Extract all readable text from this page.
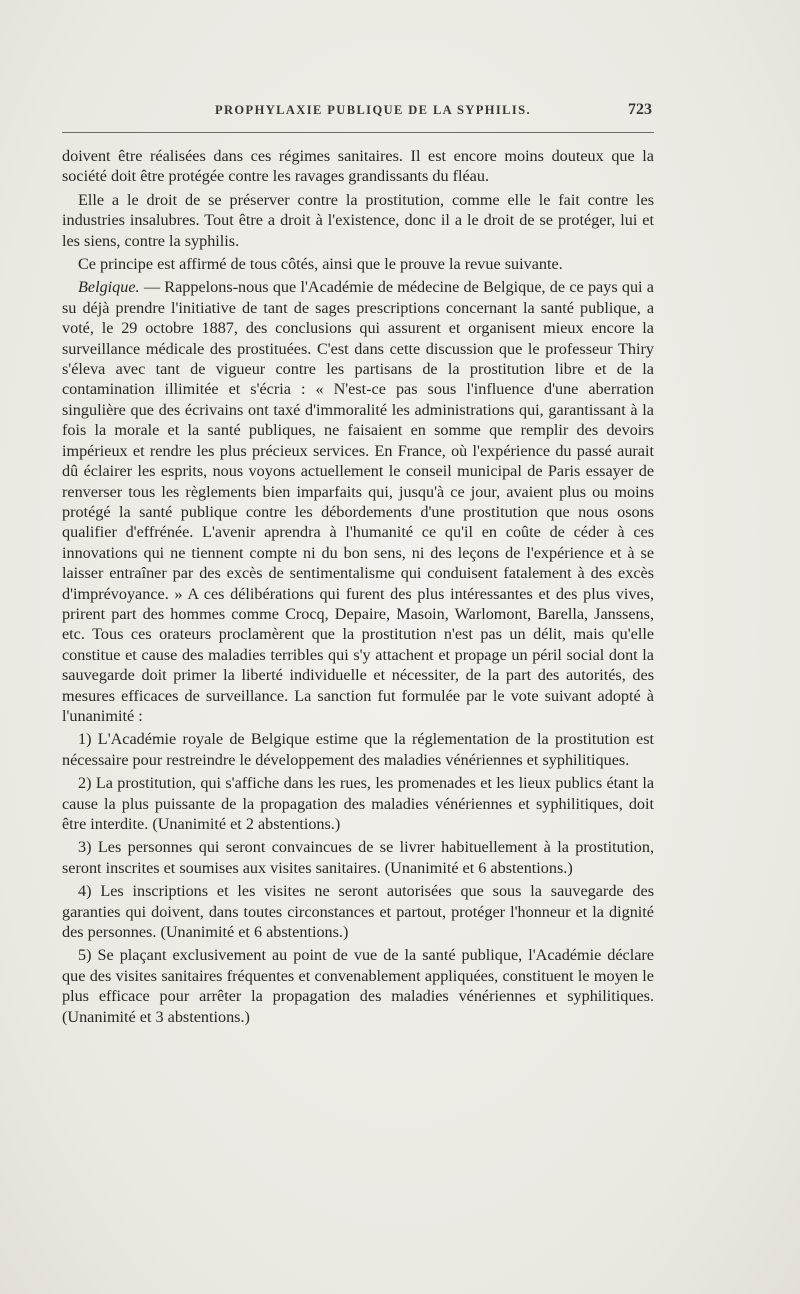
PROPHYLAXIE PUBLIQUE DE LA SYPHILIS.	723

doivent être réalisées dans ces régimes sanitaires. Il est encore moins douteux que la société doit être protégée contre les ravages grandissants du fléau.

Elle a le droit de se préserver contre la prostitution, comme elle le fait contre les industries insalubres. Tout être a droit à l'existence, donc il a le droit de se protéger, lui et les siens, contre la syphilis.

Ce principe est affirmé de tous côtés, ainsi que le prouve la revue suivante.

Belgique. — Rappelons-nous que l'Académie de médecine de Belgique, de ce pays qui a su déjà prendre l'initiative de tant de sages prescriptions concernant la santé publique, a voté, le 29 octobre 1887, des conclusions qui assurent et organisent mieux encore la surveillance médicale des prostituées. C'est dans cette discussion que le professeur Thiry s'éleva avec tant de vigueur contre les partisans de la prostitution libre et de la contamination illimitée et s'écria : « N'est-ce pas sous l'influence d'une aberration singulière que des écrivains ont taxé d'immoralité les administrations qui, garantissant à la fois la morale et la santé publiques, ne faisaient en somme que remplir des devoirs impérieux et rendre les plus précieux services. En France, où l'expérience du passé aurait dû éclairer les esprits, nous voyons actuellement le conseil municipal de Paris essayer de renverser tous les règlements bien imparfaits qui, jusqu'à ce jour, avaient plus ou moins protégé la santé publique contre les débordements d'une prostitution que nous osons qualifier d'effrénée. L'avenir aprendra à l'humanité ce qu'il en coûte de céder à ces innovations qui ne tiennent compte ni du bon sens, ni des leçons de l'expérience et à se laisser entraîner par des excès de sentimentalisme qui conduisent fatalement à des excès d'imprévoyance. » A ces délibérations qui furent des plus intéressantes et des plus vives, prirent part des hommes comme Crocq, Depaire, Masoin, Warlomont, Barella, Janssens, etc. Tous ces orateurs proclamèrent que la prostitution n'est pas un délit, mais qu'elle constitue et cause des maladies terribles qui s'y attachent et propage un péril social dont la sauvegarde doit primer la liberté individuelle et nécessiter, de la part des autorités, des mesures efficaces de surveillance. La sanction fut formulée par le vote suivant adopté à l'unanimité :

1) L'Académie royale de Belgique estime que la réglementation de la prostitution est nécessaire pour restreindre le développement des maladies vénériennes et syphilitiques.

2) La prostitution, qui s'affiche dans les rues, les promenades et les lieux publics étant la cause la plus puissante de la propagation des maladies vénériennes et syphilitiques, doit être interdite. (Unanimité et 2 abstentions.)

3) Les personnes qui seront convaincues de se livrer habituellement à la prostitution, seront inscrites et soumises aux visites sanitaires. (Unanimité et 6 abstentions.)

4) Les inscriptions et les visites ne seront autorisées que sous la sauvegarde des garanties qui doivent, dans toutes circonstances et partout, protéger l'honneur et la dignité des personnes. (Unanimité et 6 abstentions.)

5) Se plaçant exclusivement au point de vue de la santé publique, l'Académie déclare que des visites sanitaires fréquentes et convenablement appliquées, constituent le moyen le plus efficace pour arrêter la propagation des maladies vénériennes et syphilitiques. (Unanimité et 3 abstentions.)
